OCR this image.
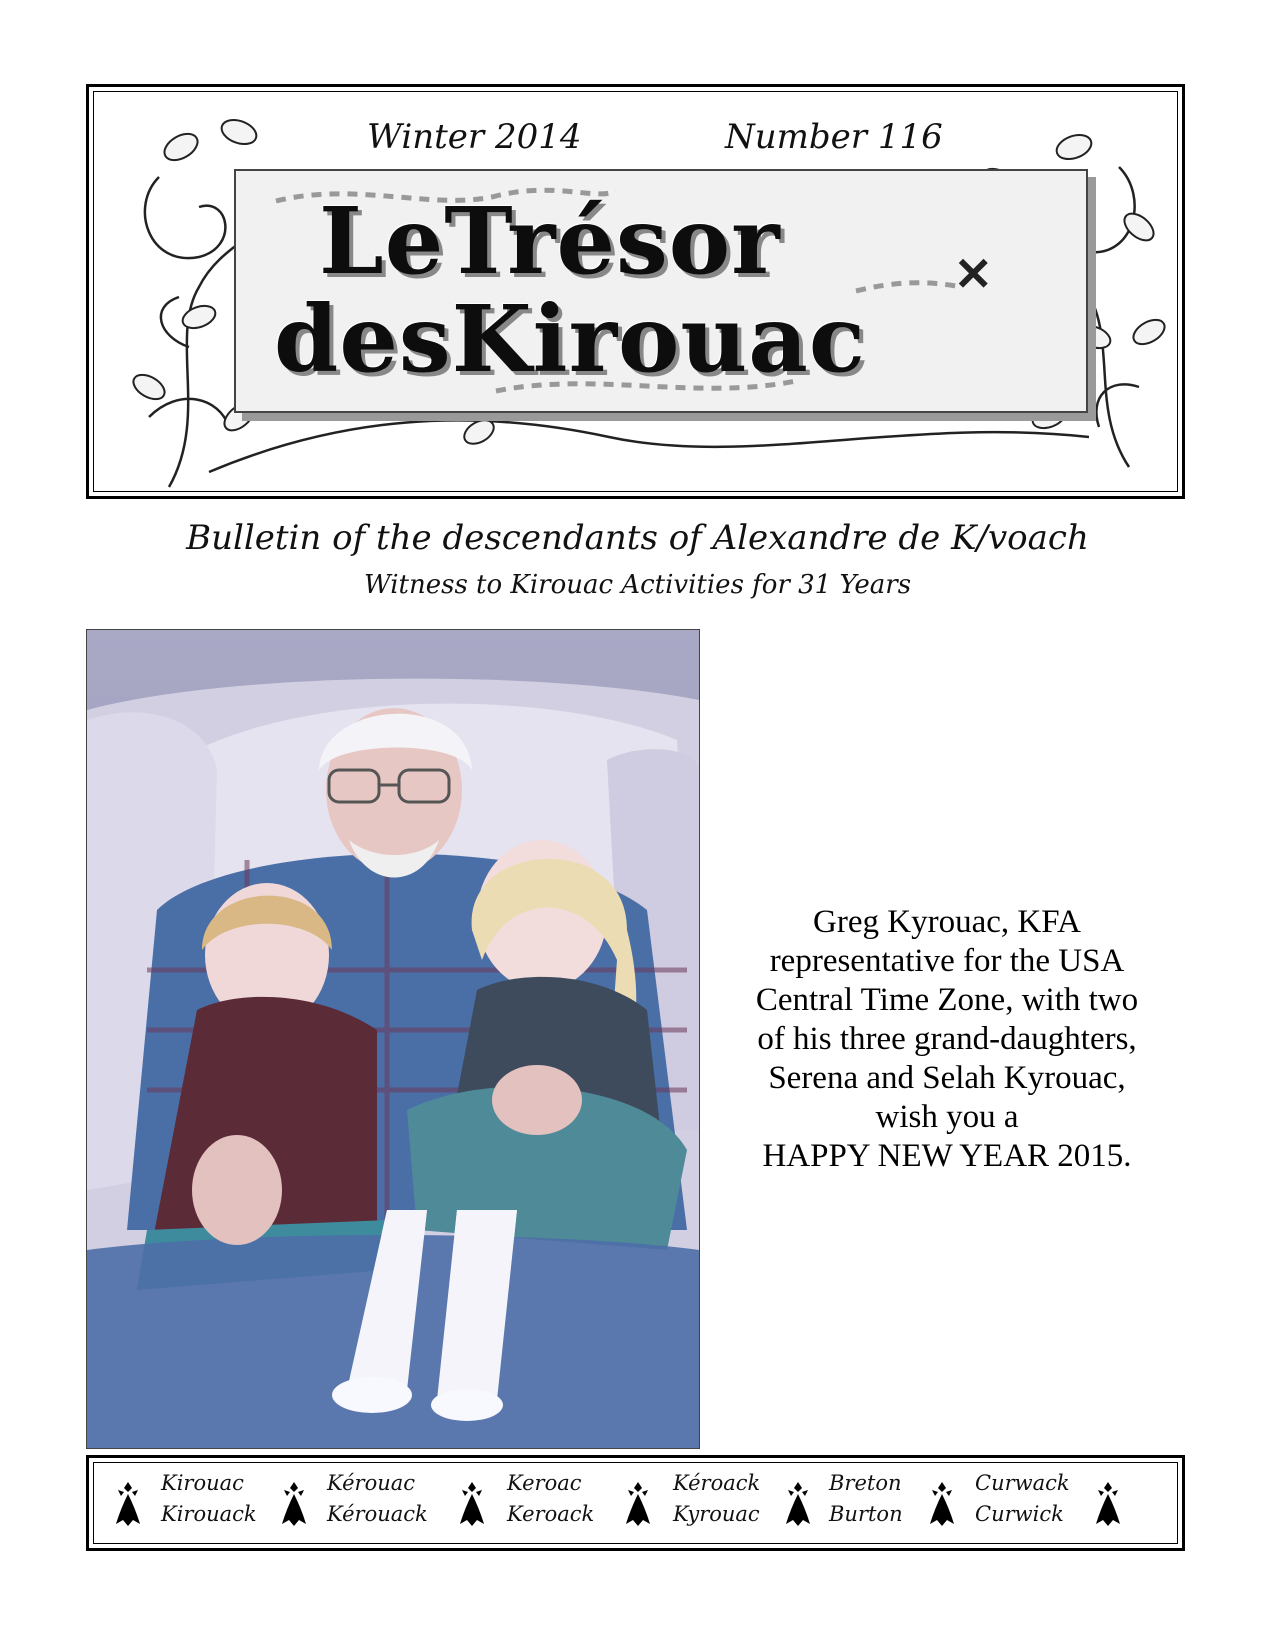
Winter 2014	Number 116
LeTrésor
desKirouac
✕
Bulletin of the descendants of Alexandre de K/voach
Witness to Kirouac Activities for 31 Years
Greg Kyrouac, KFA
representative for the USA
Central Time Zone, with two
of his three grand-daughters,
Serena and Selah Kyrouac,
wish you a
HAPPY NEW YEAR 2015.
Kirouac
Kirouack
Kérouac
Kérouack
Keroac
Keroack
Kéroack
Kyrouac
Breton
Burton
Curwack
Curwick
